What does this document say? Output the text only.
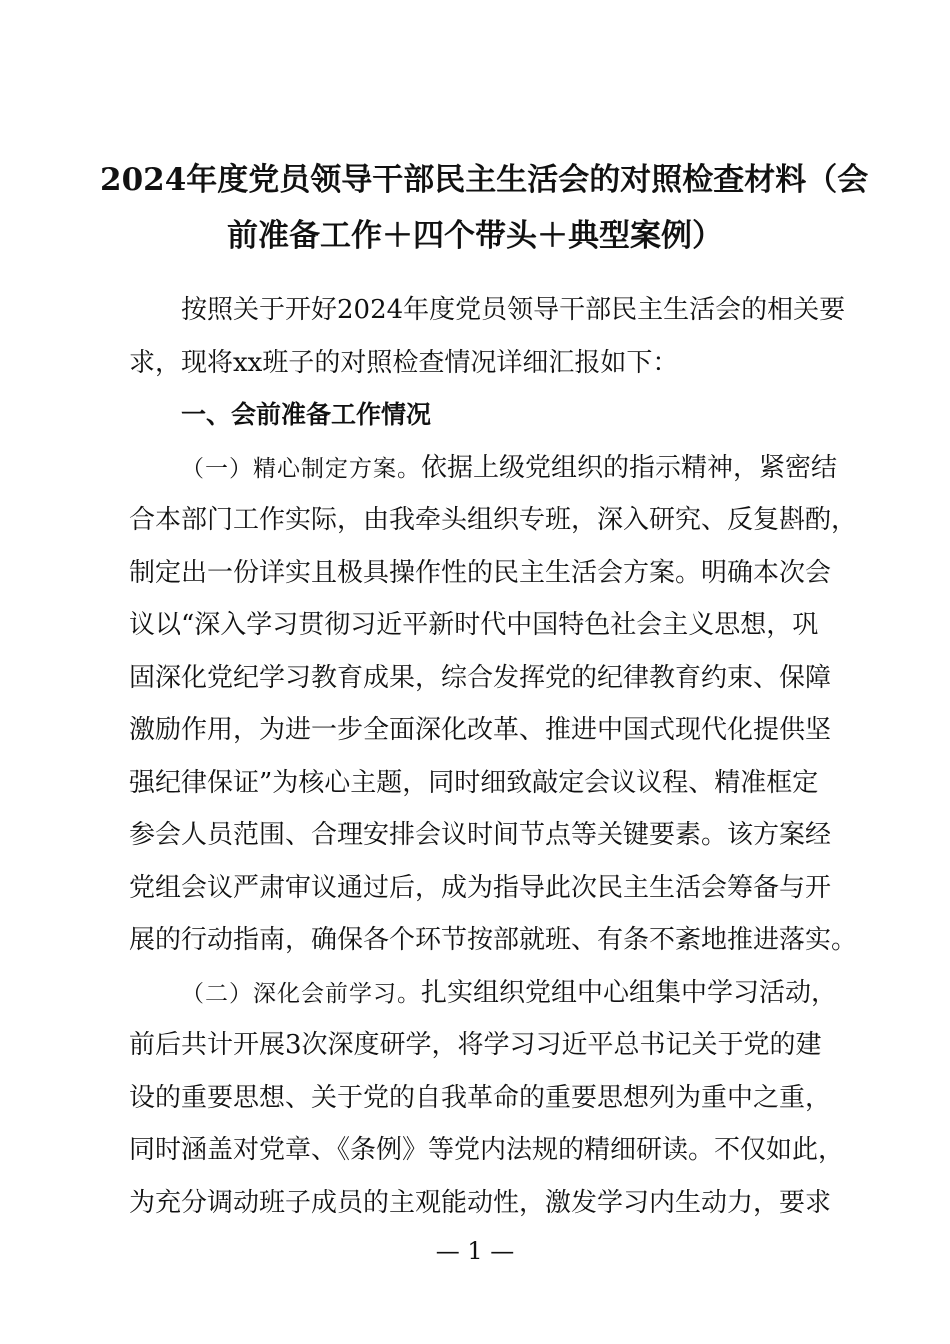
2024年度党员领导干部民主生活会的对照检查材料（会
前准备工作＋四个带头＋典型案例）
按照关于开好2024年度党员领导干部民主生活会的相关要
求，现将xx班子的对照检查情况详细汇报如下：
一、会前准备工作情况
（一）精心制定方案。依据上级党组织的指示精神，紧密结
合本部门工作实际，由我牵头组织专班，深入研究、反复斟酌，
制定出一份详实且极具操作性的民主生活会方案。明确本次会
议以“深入学习贯彻习近平新时代中国特色社会主义思想，巩
固深化党纪学习教育成果，综合发挥党的纪律教育约束、保障
激励作用，为进一步全面深化改革、推进中国式现代化提供坚
强纪律保证”为核心主题，同时细致敲定会议议程、精准框定
参会人员范围、合理安排会议时间节点等关键要素。该方案经
党组会议严肃审议通过后，成为指导此次民主生活会筹备与开
展的行动指南，确保各个环节按部就班、有条不紊地推进落实。
（二）深化会前学习。扎实组织党组中心组集中学习活动，
前后共计开展3次深度研学，将学习习近平总书记关于党的建
设的重要思想、关于党的自我革命的重要思想列为重中之重，
同时涵盖对党章、《条例》等党内法规的精细研读。不仅如此，
为充分调动班子成员的主观能动性，激发学习内生动力，要求
— 1 —
